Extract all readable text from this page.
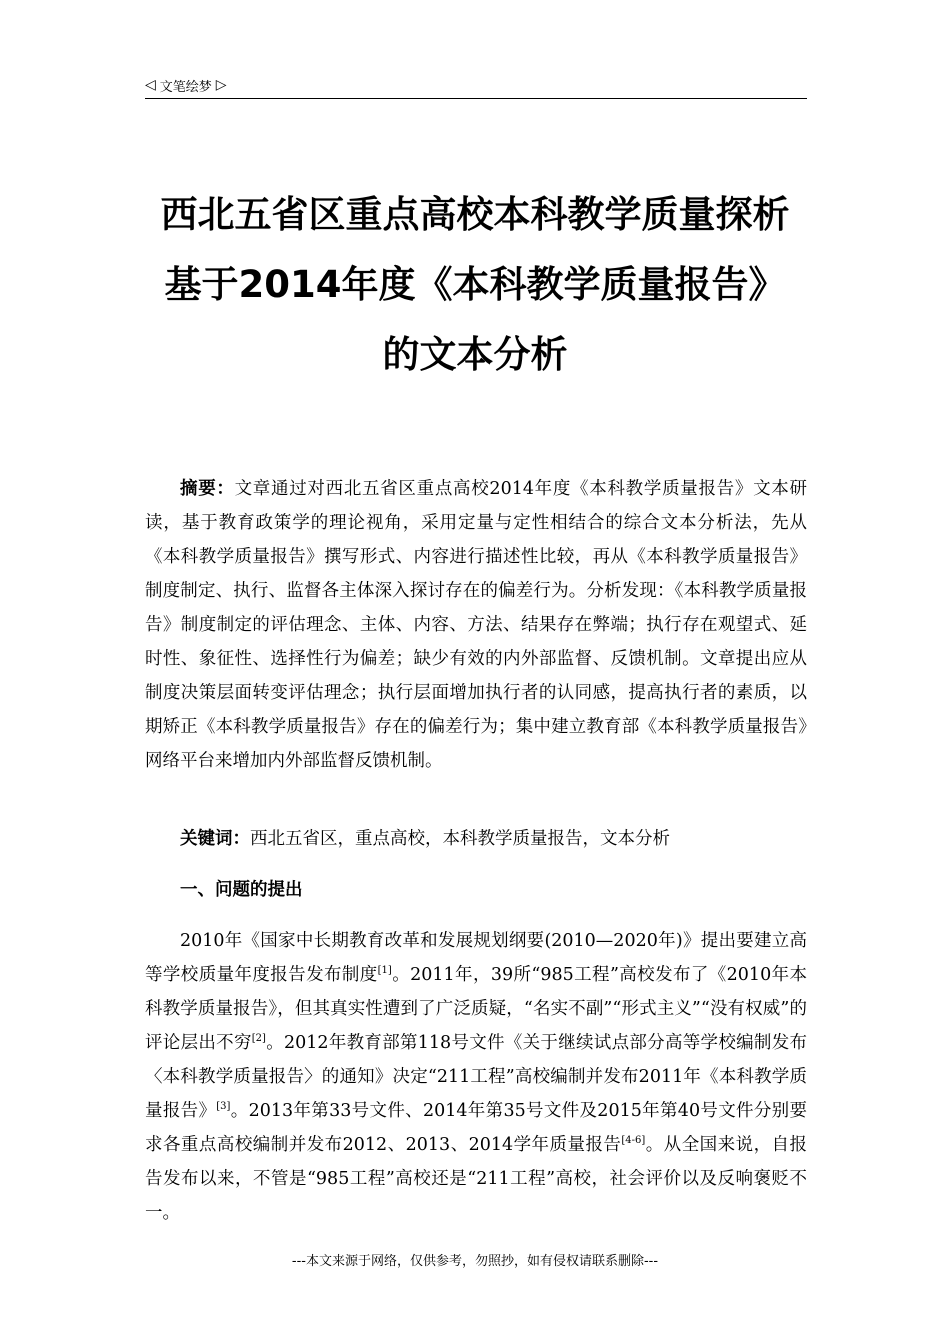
◁ 文笔绘梦 ▷
西北五省区重点高校本科教学质量探析
基于2014年度《本科教学质量报告》
的文本分析
摘要：文章通过对西北五省区重点高校2014年度《本科教学质量报告》文本研读，基于教育政策学的理论视角，采用定量与定性相结合的综合文本分析法，先从《本科教学质量报告》撰写形式、内容进行描述性比较，再从《本科教学质量报告》制度制定、执行、监督各主体深入探讨存在的偏差行为。分析发现：《本科教学质量报告》制度制定的评估理念、主体、内容、方法、结果存在弊端；执行存在观望式、延时性、象征性、选择性行为偏差；缺少有效的内外部监督、反馈机制。文章提出应从制度决策层面转变评估理念；执行层面增加执行者的认同感，提高执行者的素质，以期矫正《本科教学质量报告》存在的偏差行为；集中建立教育部《本科教学质量报告》网络平台来增加内外部监督反馈机制。
关键词：西北五省区，重点高校，本科教学质量报告，文本分析
一、问题的提出
2010年《国家中长期教育改革和发展规划纲要(2010—2020年)》提出要建立高等学校质量年度报告发布制度[1]。2011年，39所“985工程”高校发布了《2010年本科教学质量报告》，但其真实性遭到了广泛质疑，“名实不副”“形式主义”“没有权威”的评论层出不穷[2]。2012年教育部第118号文件《关于继续试点部分高等学校编制发布〈本科教学质量报告〉的通知》决定“211工程”高校编制并发布2011年《本科教学质量报告》[3]。2013年第33号文件、2014年第35号文件及2015年第40号文件分别要求各重点高校编制并发布2012、2013、2014学年质量报告[4-6]。从全国来说，自报告发布以来，不管是“985工程”高校还是“211工程”高校，社会评价以及反响褒贬不一。
---本文来源于网络，仅供参考，勿照抄，如有侵权请联系删除---
